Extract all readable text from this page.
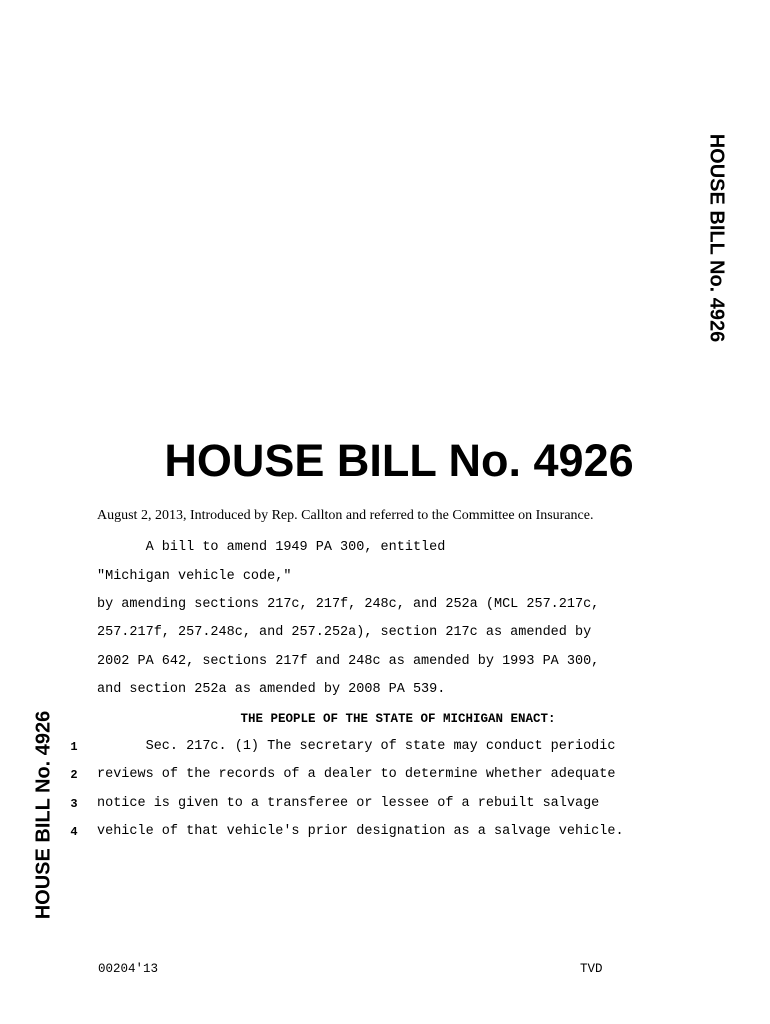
HOUSE BILL No. 4926
HOUSE BILL No. 4926
HOUSE BILL No. 4926
August 2, 2013, Introduced by Rep. Callton and referred to the Committee on Insurance.
A bill to amend 1949 PA 300, entitled
"Michigan vehicle code,"
by amending sections 217c, 217f, 248c, and 252a (MCL 257.217c,
257.217f, 257.248c, and 257.252a), section 217c as amended by
2002 PA 642, sections 217f and 248c as amended by 1993 PA 300,
and section 252a as amended by 2008 PA 539.
THE PEOPLE OF THE STATE OF MICHIGAN ENACT:
1	Sec. 217c. (1) The secretary of state may conduct periodic
2	reviews of the records of a dealer to determine whether adequate
3	notice is given to a transferee or lessee of a rebuilt salvage
4	vehicle of that vehicle's prior designation as a salvage vehicle.
00204'13	TVD
